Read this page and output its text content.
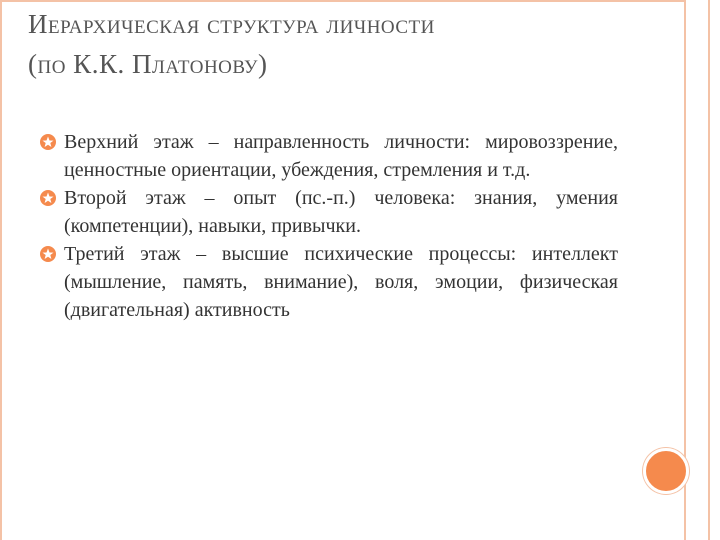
Иерархическая структура личности
(по К.К. Платонову)
Верхний этаж – направленность личности: мировоззрение, ценностные ориентации, убеждения, стремления и т.д.
Второй этаж – опыт (пс.-п.) человека: знания, умения (компетенции), навыки, привычки.
Третий этаж – высшие психические процессы: интеллект (мышление, память, внимание), воля, эмоции, физическая (двигательная) активность
